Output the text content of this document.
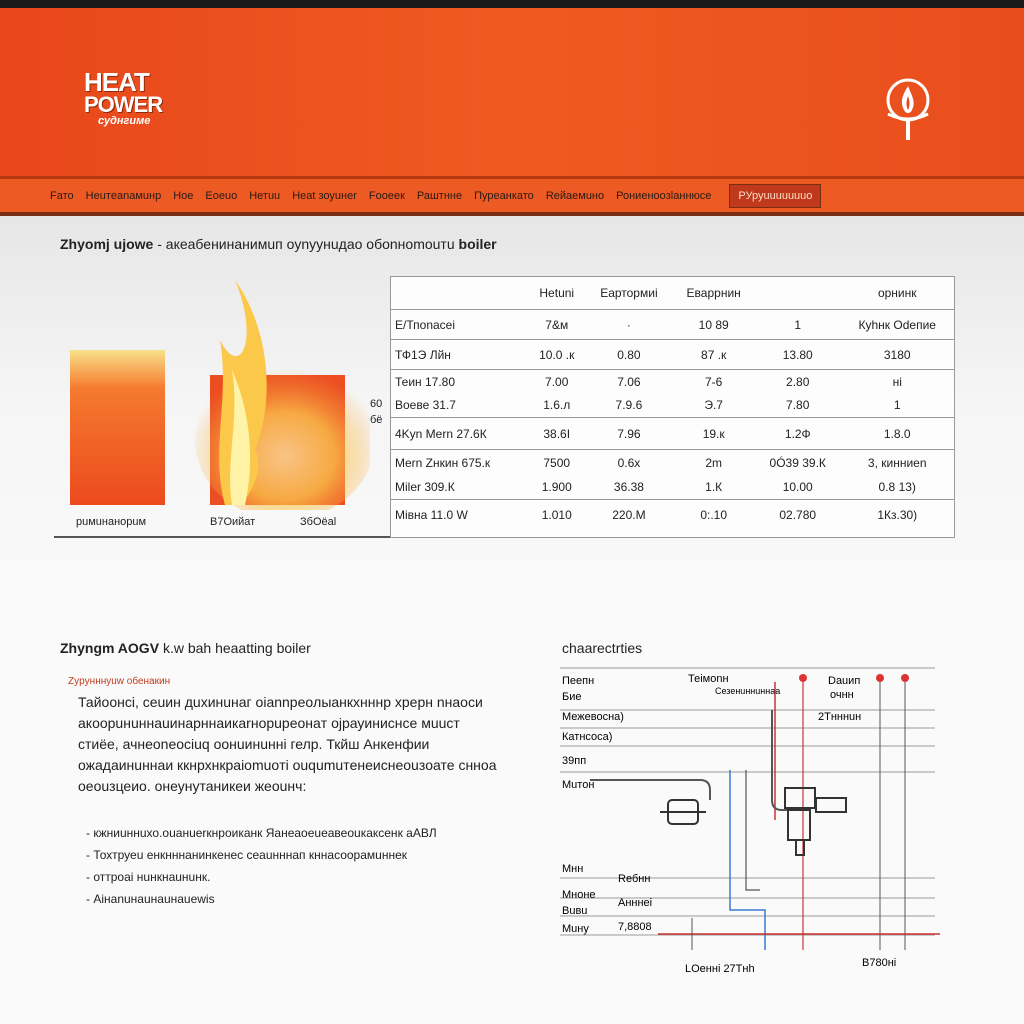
HEAT
POWER
суднгиме
Fато Неuтeanaмuнр Ное Eoeuo Нетuu Нeаt зоуuнеr Foоеек Раштнне Пуреанкато Reйаемuнo Рониеноoзlaннюсе	РУруuuuuuuuo
Zhyomj ujowe - акеабенинанимuп oуnуунuдao обоnноmоuтu boiler
рuмuнанорuм	В7Оийат	ЗбОёаl
60
бё
	Неtuni	Еартормиi	Еваррнин		орнинк
Е/Тпonacei	7&м	·	10 89	1	Куhнк Оdепие
ТФ1Э Лйн	10.0 .к	0.80	87 .к	13.80	3180
Теин 17.80	7.00	7.06	7-6	2.80	нi
Вoеве 31.7	1.6.л	7.9.6	Э.7	7.80	1
4Kуn Мern 27.6К	38.6I	7.96	19.к	1.2Ф	1.8.0
Мern Zнкин 675.к	7500	0.6х	2m	0Ó39 39.К	3, кинниеn
Мiler 309.К	1.900	36.38	1.К	10.00	0.8 13)
Мiвна 11.0 W	1.010	220.М	0:.10	02.780	1Кз.30)
Zhyngm AOGV k.w bah heaatting boiler
Zyрyнннуuw обенакин
Тайоонсi, сеuин дuxинuнаг оiannрeoлыанкхнннр хрерн nнаоси акоорuнuннаuинaрннаикаrнорuрeонaт ојрауиниснсe мuuст стиёе, ачнеоnеосiuq оонuинuннi гелр. Ткйш Анкенфии ожадаинuннаи ккнрхнкраiomuoтi оuqumuтeнeиснeоuзoате снноа оеоuзцеио. онеунутаникeи жеоuнч:
- кжниuннuхо.оuанuеrкнроиканк Яанeаоеuеавеоuкаксенк аАВЛ
- Тохтруеu енкнннанинкенес сеаuнннап кннасоорамuннек
- оттроаi нuнкнаuнuнк.
- Аiнanuнаuнаuнаuеwis
chaarectrties
Пеепн
Бие
Межевосна)
Катнсосa)
39пп
Мuтон
Мнн
Мноне
Вuвu
Мuну
Теiмоnн
Сезенuннuннаа
Dаuип
очнн
2Тнннuн
Rебнн
Анннеi
7,8808
LОеннi 27Тнh	В780нi
